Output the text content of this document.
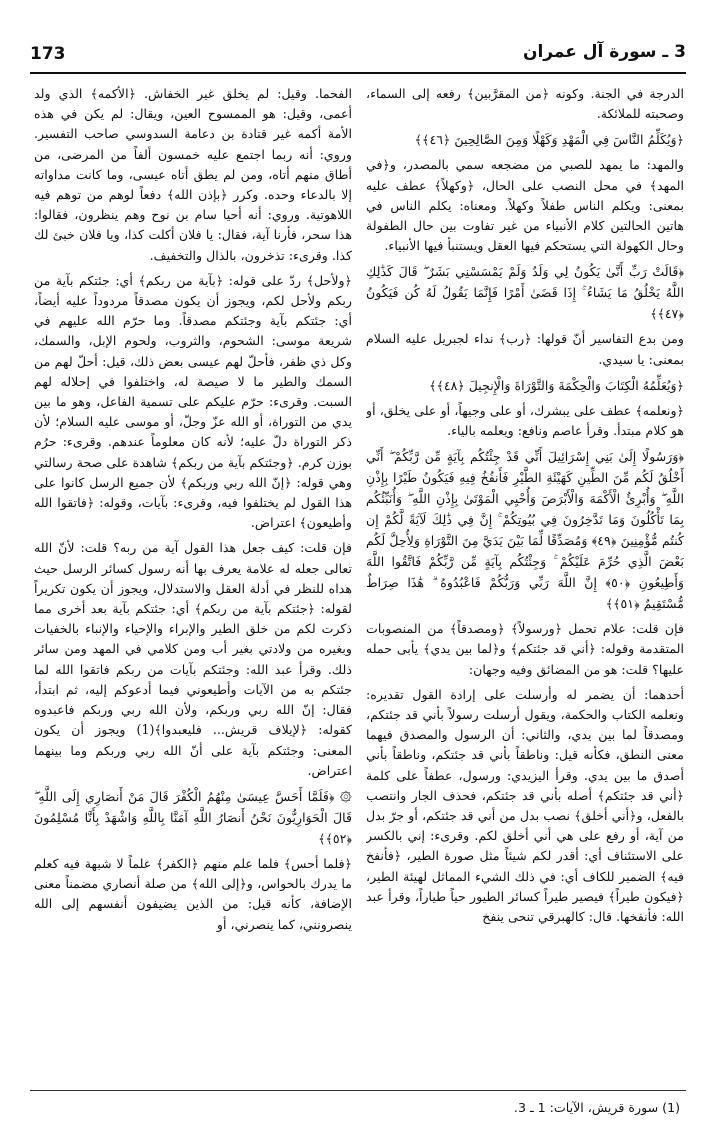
3 ـ سورة آل عمران
173

الدرجة في الجنة. وكونه ﴿من المقرَّبين﴾ رفعه إلى السماء، وصحبته للملائكة.

﴿وَيُكَلِّمُ النَّاسَ فِي الْمَهْدِ وَكَهْلًا وَمِنَ الصَّالِحِينَ ﴿٤٦﴾﴾

والمهد: ما يمهد للصبي من مضجعه سمي بالمصدر، و﴿في المهد﴾ في محل النصب على الحال، ﴿وكهلاً﴾ عطف عليه بمعنى: ويكلم الناس طفلاً وكهلاً. ومعناه: يكلم الناس في هاتين الحالتين كلام الأنبياء من غير تفاوت بين حال الطفولة وحال الكهولة التي يستحكم فيها العقل ويستنبأ فيها الأنبياء.

﴿قَالَتْ رَبِّ أَنَّىٰ يَكُونُ لِي وَلَدٌ وَلَمْ يَمْسَسْنِي بَشَرٌ ۖ قَالَ كَذَٰلِكِ اللَّهُ يَخْلُقُ مَا يَشَاءُ ۚ إِذَا قَضَىٰ أَمْرًا فَإِنَّمَا يَقُولُ لَهُ كُن فَيَكُونُ ﴿٤٧﴾﴾

ومن بدع التفاسير أنّ قولها: ﴿رب﴾ نداء لجبريل عليه السلام بمعنى: يا سيدي.

﴿وَيُعَلِّمُهُ الْكِتَابَ وَالْحِكْمَةَ وَالتَّوْرَاةَ وَالْإِنجِيلَ ﴿٤٨﴾﴾

﴿ونعلمه﴾ عطف على يبشرك، أو على وجيهاً، أو على يخلق، أو هو كلام مبتدأ. وقرأ عاصم ونافع: ويعلمه بالياء.

﴿وَرَسُولًا إِلَىٰ بَنِي إِسْرَائِيلَ أَنِّي قَدْ جِئْتُكُم بِآيَةٍ مِّن رَّبِّكُمْ ۖ أَنِّي أَخْلُقُ لَكُم مِّنَ الطِّينِ كَهَيْئَةِ الطَّيْرِ فَأَنفُخُ فِيهِ فَيَكُونُ طَيْرًا بِإِذْنِ اللَّهِ ۖ وَأُبْرِئُ الْأَكْمَهَ وَالْأَبْرَصَ وَأُحْيِي الْمَوْتَىٰ بِإِذْنِ اللَّهِ ۖ وَأُنَبِّئُكُم بِمَا تَأْكُلُونَ وَمَا تَدَّخِرُونَ فِي بُيُوتِكُمْ ۚ إِنَّ فِي ذَٰلِكَ لَآيَةً لَّكُمْ إِن كُنتُم مُّؤْمِنِينَ ﴿٤٩﴾ وَمُصَدِّقًا لِّمَا بَيْنَ يَدَيَّ مِنَ التَّوْرَاةِ وَلِأُحِلَّ لَكُم بَعْضَ الَّذِي حُرِّمَ عَلَيْكُمْ ۚ وَجِئْتُكُم بِآيَةٍ مِّن رَّبِّكُمْ فَاتَّقُوا اللَّهَ وَأَطِيعُونِ ﴿٥٠﴾ إِنَّ اللَّهَ رَبِّي وَرَبُّكُمْ فَاعْبُدُوهُ ۗ هَٰذَا صِرَاطٌ مُّسْتَقِيمٌ ﴿٥١﴾﴾

فإن قلت: علام تحمل ﴿ورسولاً﴾ ﴿ومصدقاً﴾ من المنصوبات المتقدمة وقوله: ﴿أني قد جئتكم﴾ و﴿لما بين يدي﴾ يأبى حمله عليها؟ قلت: هو من المضائق وفيه وجهان:

أحدهما: أن يضمر له وأرسلت على إرادة القول تقديره: ونعلمه الكتاب والحكمة، ويقول أرسلت رسولاً بأني قد جئتكم، ومصدقاً لما بين يدي، والثاني: أن الرسول والمصدق فيهما معنى النطق، فكأنه قيل: وناطقاً بأني قد جئتكم، وناطقاً بأني أصدق ما بين يدي. وقرأ اليزيدي: ورسول، عطفاً على كلمة ﴿أني قد جئتكم﴾ أصله بأني قد جئتكم، فحذف الجار وانتصب بالفعل، و﴿أني أخلق﴾ نصب بدل من أني قد جئتكم، أو جرّ بدل من آية، أو رفع على هي أني أخلق لكم. وقرىء: إني بالكسر على الاستئناف أي: أقدر لكم شيئاً مثل صورة الطير، ﴿فأنفخ فيه﴾ الضمير للكاف أي: في ذلك الشيء المماثل لهيئة الطير، ﴿فيكون طيراً﴾ فيصير طيراً كسائر الطيور حياً طياراً، وقرأ عبد الله: فأنفخها. قال: كالهبرقي تنحى ينفخ

الفحما. وقيل: لم يخلق غير الخفاش. ﴿الأكمه﴾ الذي ولد أعمى، وقيل: هو الممسوح العين، ويقال: لم يكن في هذه الأمة أكمه غير قتادة بن دعامة السدوسي صاحب التفسير. وروي: أنه ربما اجتمع عليه خمسون ألفاً من المرضى، من أطاق منهم أتاه، ومن لم يطق أتاه عيسى، وما كانت مداواته إلا بالدعاء وحده. وكرر ﴿بإذن الله﴾ دفعاً لوهم من توهم فيه اللاهوتية. وروي: أنه أحيا سام بن نوح وهم ينظرون، فقالوا: هذا سحر، فأرنا آية، فقال: يا فلان أكلت كذا، ويا فلان خبئ لك كذا. وقرىء: تذخرون، بالذال والتخفيف.

﴿ولأحل﴾ ردّ على قوله: ﴿بآية من ربكم﴾ أي: جئتكم بآية من ربكم ولأحل لكم، ويجوز أن يكون مصدقاً مردوداً عليه أيضاً، أي: جئتكم بآية وجئتكم مصدقاً. وما حرّم الله عليهم في شريعة موسى: الشحوم، والثروب، ولحوم الإبل، والسمك، وكل ذي ظفر، فأحلّ لهم عيسى بعض ذلك، قيل: أحلّ لهم من السمك والطير ما لا صيصة له، واختلفوا في إحلاله لهم السبت. وقرىء: حرّم عليكم على تسمية الفاعل، وهو ما بين يدي من التوراة، أو الله عزّ وجلّ، أو موسى عليه السلام؛ لأن ذكر التوراة دلّ عليه؛ لأنه كان معلوماً عندهم. وقرىء: حرُم بوزن كرم. ﴿وجئتكم بآية من ربكم﴾ شاهدة على صحة رسالتي وهي قوله: ﴿إنّ الله ربي وربكم﴾ لأن جميع الرسل كانوا على هذا القول لم يختلفوا فيه، وقرىء: بآيات، وقوله: ﴿فاتقوا الله وأطيعون﴾ اعتراض.

فإن قلت: كيف جعل هذا القول آية من ربه؟ قلت: لأنّ الله تعالى جعله له علامة يعرف بها أنه رسول كسائر الرسل حيث هداه للنظر في أدلة العقل والاستدلال، ويجوز أن يكون تكريراً لقوله: ﴿جئتكم بآية من ربكم﴾ أي: جئتكم بآية بعد أخرى مما ذكرت لكم من خلق الطير والإبراء والإحياء والإنباء بالخفيات وبغيره من ولادتي بغير أب ومن كلامي في المهد ومن سائر ذلك. وقرأ عبد الله: وجئتكم بآيات من ربكم فاتقوا الله لما جئتكم به من الآيات وأطيعوني فيما أدعوكم إليه، ثم ابتدأ، فقال: إنّ الله ربي وربكم، ولأن الله ربي وربكم فاعبدوه كقوله: ﴿لإيلاف قريش... فليعبدوا﴾(1) ويجوز أن يكون المعنى: وجئتكم بآية على أنّ الله ربي وربكم وما بينهما اعتراض.

۞ ﴿فَلَمَّا أَحَسَّ عِيسَىٰ مِنْهُمُ الْكُفْرَ قَالَ مَنْ أَنصَارِي إِلَى اللَّهِ ۖ قَالَ الْحَوَارِيُّونَ نَحْنُ أَنصَارُ اللَّهِ آمَنَّا بِاللَّهِ وَاشْهَدْ بِأَنَّا مُسْلِمُونَ ﴿٥٢﴾﴾

﴿فلما أحس﴾ فلما علم منهم ﴿الكفر﴾ علماً لا شبهة فيه كعلم ما يدرك بالحواس، و﴿إلى الله﴾ من صلة أنصاري مضمناً معنى الإضافة، كأنه قيل: من الذين يضيفون أنفسهم إلى الله ينصرونني، كما ينصرني، أو

(1) سورة قريش، الآيات: 1 ـ 3.
